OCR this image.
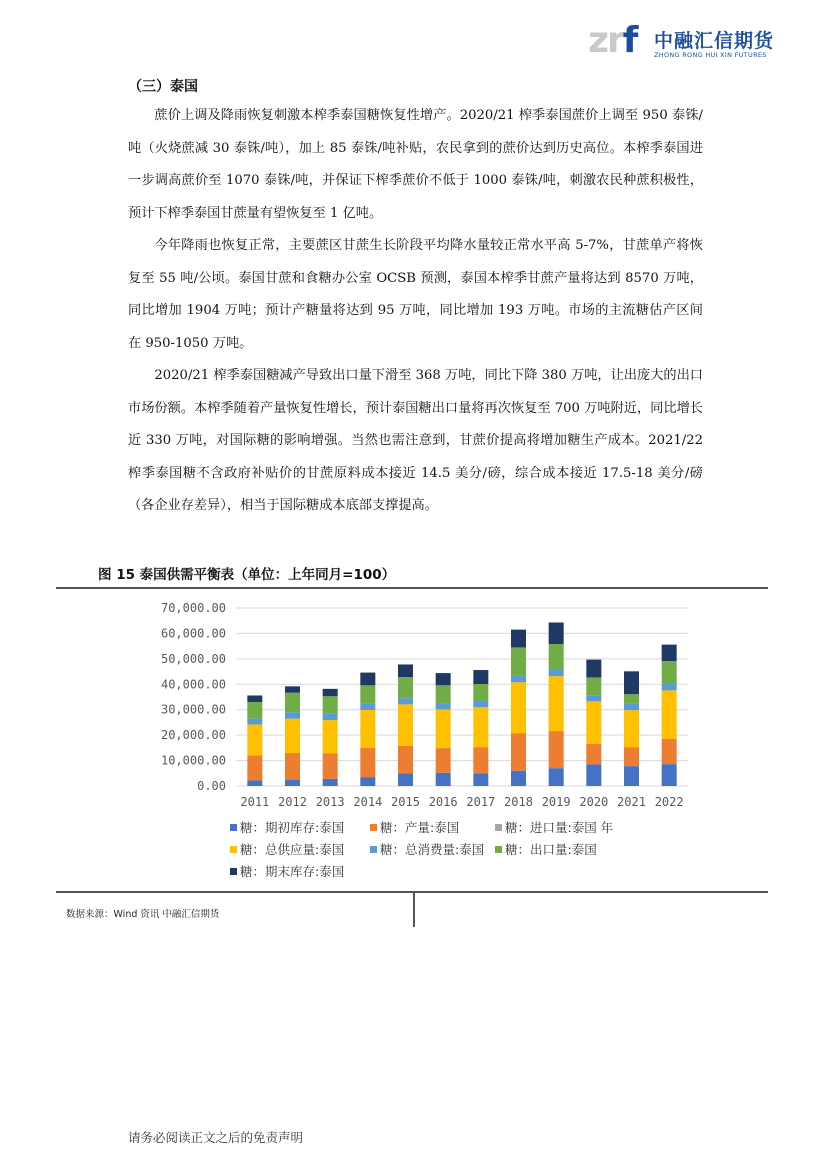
zrf 中融汇信期货
ZHONG RONG HUI XIN FUTURES
（三）泰国

蔗价上调及降雨恢复刺激本榨季泰国糖恢复性增产。2020/21 榨季泰国蔗价上调至 950 泰铢/吨（火烧蔗减 30 泰铢/吨），加上 85 泰铢/吨补贴，农民拿到的蔗价达到历史高位。本榨季泰国进一步调高蔗价至 1070 泰铢/吨，并保证下榨季蔗价不低于 1000 泰铢/吨，刺激农民种蔗积极性，预计下榨季泰国甘蔗量有望恢复至 1 亿吨。

今年降雨也恢复正常，主要蔗区甘蔗生长阶段平均降水量较正常水平高 5-7%，甘蔗单产将恢复至 55 吨/公顷。泰国甘蔗和食糖办公室 OCSB 预测，泰国本榨季甘蔗产量将达到 8570 万吨，同比增加 1904 万吨；预计产糖量将达到 95 万吨，同比增加 193 万吨。市场的主流糖估产区间在 950-1050 万吨。

2020/21 榨季泰国糖减产导致出口量下滑至 368 万吨，同比下降 380 万吨，让出庞大的出口市场份额。本榨季随着产量恢复性增长，预计泰国糖出口量将再次恢复至 700 万吨附近，同比增长近 330 万吨，对国际糖的影响增强。当然也需注意到，甘蔗价提高将增加糖生产成本。2021/22 榨季泰国糖不含政府补贴价的甘蔗原料成本接近 14.5 美分/磅，综合成本接近 17.5-18 美分/磅（各企业存差异），相当于国际糖成本底部支撑提高。

图 15 泰国供需平衡表（单位：上年同月=100）
0.00
10,000.00
20,000.00
30,000.00
40,000.00
50,000.00
60,000.00
70,000.00
2011 2012 2013 2014 2015 2016 2017 2018 2019 2020 2021 2022
糖：期初库存:泰国	糖：产量:泰国	糖：进口量:泰国 年
糖：总供应量:泰国	糖：总消费量:泰国	糖：出口量:泰国
糖：期末库存:泰国
数据来源：Wind 资讯 中融汇信期货
请务必阅读正文之后的免责声明
